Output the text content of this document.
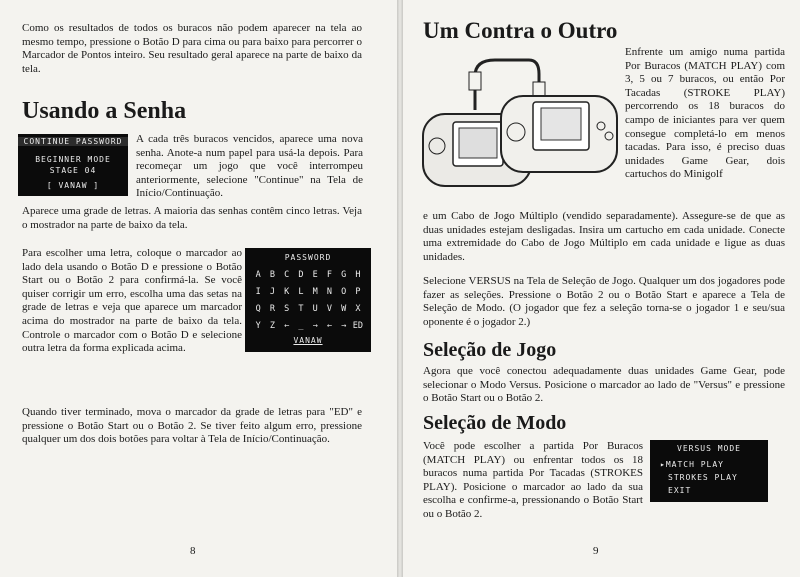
Como os resultados de todos os buracos não podem aparecer na tela ao mesmo tempo, pressione o Botão D para cima ou para baixo para percorrer o Marcador de Pontos inteiro. Seu resultado geral aparece na parte de baixo da tela.

Usando a Senha
CONTINUE PASSWORD
BEGINNER MODE
STAGE 04
[ VANAW ]

A cada três buracos vencidos, aparece uma nova senha. Anote-a num papel para usá-la depois. Para recomeçar um jogo que você interrompeu anteriormente, selecione "Continue" na Tela de Início/Continuação.

Aparece uma grade de letras. A maioria das senhas contêm cinco letras. Veja o mostrador na parte de baixo da tela.

Para escolher uma letra, coloque o marcador ao lado dela usando o Botão D e pressione o Botão Start ou o Botão 2 para confirmá-la. Se você quiser corrigir um erro, escolha uma das setas na grade de letras e veja que aparece um marcador acima do mostrador na parte de baixo da tela. Controle o marcador com o Botão D e selecione outra letra da forma explicada acima.

PASSWORD
A	B	C	D	E	F	G	H
I	J	K	L	M	N	O	P
Q	R	S	T	U	V	W	X
Y	Z	←	_	→	←	→ ED
VANAW

Quando tiver terminado, mova o marcador da grade de letras para "ED" e pressione o Botão Start ou o Botão 2. Se tiver feito algum erro, pressione qualquer um dos dois botões para voltar à Tela de Início/Continuação.

8
Um Contra o Outro

Enfrente um amigo numa partida Por Buracos (MATCH PLAY) com 3, 5 ou 7 buracos, ou então Por Tacadas (STROKE PLAY) percorrendo os 18 buracos do campo de iniciantes para ver quem consegue completá-lo em menos tacadas. Para isso, é preciso duas unidades Game Gear, dois cartuchos do Minigolf

e um Cabo de Jogo Múltiplo (vendido separadamente). Assegure-se de que as duas unidades estejam desligadas. Insira um cartucho em cada unidade. Conecte uma extremidade do Cabo de Jogo Múltiplo em cada unidade e ligue as duas unidades.

Selecione VERSUS na Tela de Seleção de Jogo. Qualquer um dos jogadores pode fazer as seleções. Pressione o Botão 2 ou o Botão Start e aparece a Tela de Seleção de Modo. (O jogador que fez a seleção torna-se o jogador 1 e seu/sua oponente é o jogador 2.)

Seleção de Jogo

Agora que você conectou adequadamente duas unidades Game Gear, pode selecionar o Modo Versus. Posicione o marcador ao lado de "Versus" e pressione o Botão Start ou o Botão 2.

Seleção de Modo

Você pode escolher a partida Por Buracos (MATCH PLAY) ou enfrentar todos os 18 buracos numa partida Por Tacadas (STROKES PLAY). Posicione o marcador ao lado da sua escolha e confirme-a, pressionando o Botão Start ou o Botão 2.

VERSUS MODE
▸MATCH PLAY
STROKES PLAY
EXIT
9
